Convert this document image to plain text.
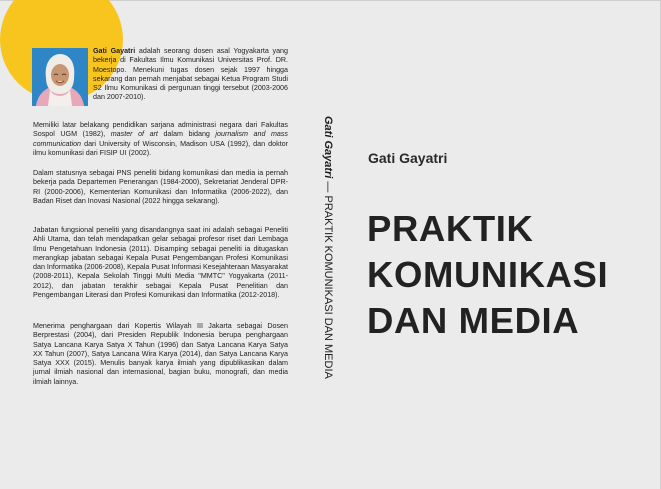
Gati Gayatri adalah seorang dosen asal Yogyakarta yang bekerja di Fakultas Ilmu Komunikasi Universitas Prof. DR. Moestopo. Menekuni tugas dosen sejak 1997 hingga sekarang dan pernah menjabat sebagai Ketua Program Studi S2 Ilmu Komunikasi di perguruan tinggi tersebut (2003-2006 dan 2007-2010).

Memiliki latar belakang pendidikan sarjana administrasi negara dari Fakultas Sospol UGM (1982), master of art dalam bidang journalism and mass communication dari University of Wisconsin, Madison USA (1992), dan doktor ilmu komunikasi dari FISIP UI (2002).

Dalam statusnya sebagai PNS peneliti bidang komunikasi dan media ia pernah bekerja pada Departemen Penerangan (1984-2000), Sekretariat Jenderal DPR-RI (2000-2006), Kementerian Komunikasi dan Informatika (2006-2022), dan Badan Riset dan Inovasi Nasional (2022 hingga sekarang).

Jabatan fungsional peneliti yang disandangnya saat ini adalah sebagai Peneliti Ahli Utama, dan telah mendapatkan gelar sebagai profesor riset dari Lembaga Ilmu Pengetahuan Indonesia (2011). Disamping sebagai peneliti ia ditugaskan merangkap jabatan sebagai Kepala Pusat Pengembangan Profesi Komunikasi dan Informatika (2006-2008), Kepala Pusat Informasi Kesejahteraan Masyarakat (2008-2011), Kepala Sekolah Tinggi Multi Media "MMTC" Yogyakarta (2011-2012), dan jabatan terakhir sebagai Kepala Pusat Penelitian dan Pengembangan Literasi dan Profesi Komunikasi dan Informatika (2012-2018).

Menerima penghargaan dari Kopertis Wilayah III Jakarta sebagai Dosen Berprestasi (2004), dari Presiden Republik Indonesia berupa penghargaan Satya Lancana Karya Satya X Tahun (1996) dan Satya Lancana Karya Satya XX Tahun (2007), Satya Lancana Wira Karya (2014), dan Satya Lancana Karya Satya XXX (2015). Menulis banyak karya ilmiah yang dipublikasikan dalam jurnal ilmiah nasional dan internasional, bagian buku, monografi, dan media ilmiah lainnya.

Gati Gayatri — PRAKTIK KOMUNIKASI DAN MEDIA

Gati Gayatri

PRAKTIK

KOMUNIKASI

DAN MEDIA
